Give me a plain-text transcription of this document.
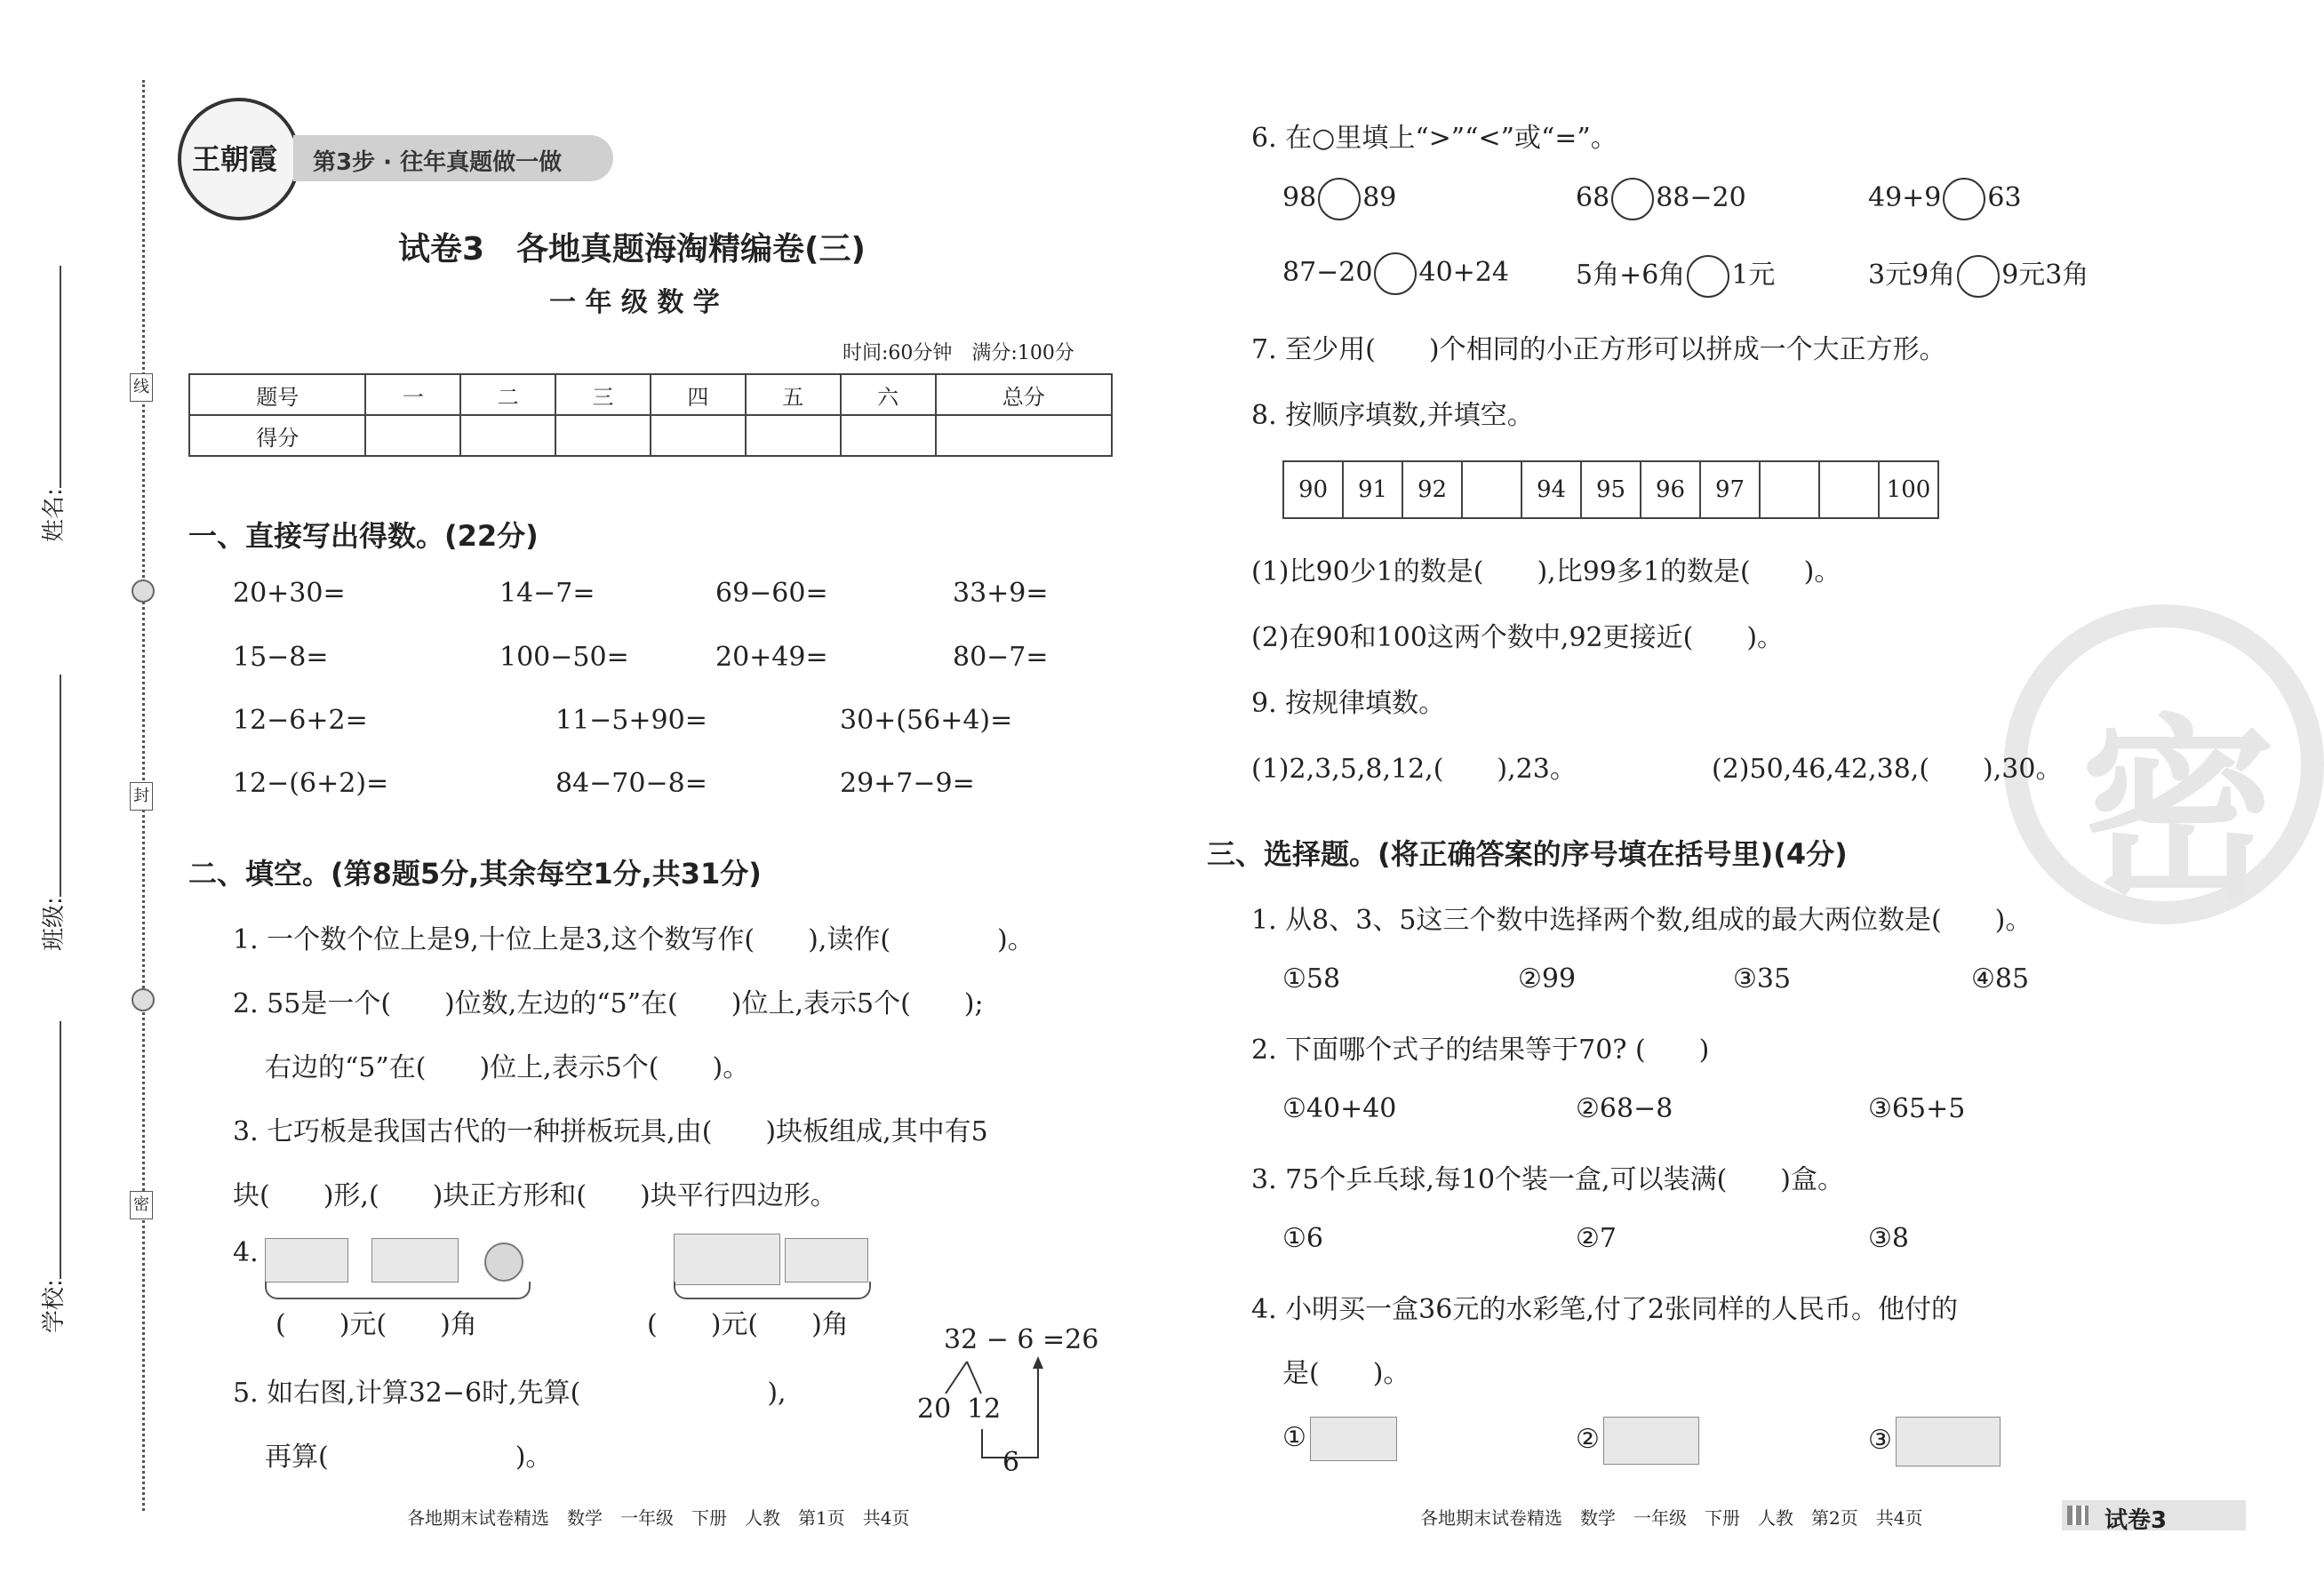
线
封
密
姓名:
班级:
学校:
王朝霞 第3步 · 往年真题做一做
试卷3　各地真题海淘精编卷(三)
一 年 级 数 学
时间:60分钟　满分:100分
题号	一	二	三	四	五	六	总分
得分							
一、直接写出得数。(22分)
20+30=	14−7=	69−60=	33+9=
15−8=	100−50=	20+49=	80−7=
12−6+2=	11−5+90=	30+(56+4)=
12−(6+2)=	84−70−8=	29+7−9=
二、填空。(第8题5分,其余每空1分,共31分)
1. 一个数个位上是9,十位上是3,这个数写作(　　),读作(　　　　)。
2. 55是一个(　　)位数,左边的“5”在(　　)位上,表示5个(　　);
右边的“5”在(　　)位上,表示5个(　　)。
3. 七巧板是我国古代的一种拼板玩具,由(　　)块板组成,其中有5
块(　　)形,(　　)块正方形和(　　)块平行四边形。
4.
(　　)元(　　)角	(　　)元(　　)角
5. 如右图,计算32−6时,先算(　　　　　　　),
再算(　　　　　　　)。
32 − 6 =26
20 12
6
各地期末试卷精选　数学　一年级　下册　人教　第1页　共4页
密
6. 在○里填上“>”“<”或“=”。
98 89	68 88−20	49+9 63
87−20 40+24	5角+6角 1元	3元9角 9元3角
7. 至少用(　　)个相同的小正方形可以拼成一个大正方形。
8. 按顺序填数,并填空。
90	91	92		94	95	96	97			100
(1)比90少1的数是(　　),比99多1的数是(　　)。
(2)在90和100这两个数中,92更接近(　　)。
9. 按规律填数。
(1)2,3,5,8,12,(　　),23。	(2)50,46,42,38,(　　),30。
三、选择题。(将正确答案的序号填在括号里)(4分)
1. 从8、3、5这三个数中选择两个数,组成的最大两位数是(　　)。
①58	②99	③35	④85
2. 下面哪个式子的结果等于70? (　　)
①40+40	②68−8	③65+5
3. 75个乒乓球,每10个装一盒,可以装满(　　)盒。
①6	②7	③8
4. 小明买一盒36元的水彩笔,付了2张同样的人民币。他付的
是(　　)。
①	②	③
各地期末试卷精选　数学　一年级　下册　人教　第2页　共4页	试卷3
